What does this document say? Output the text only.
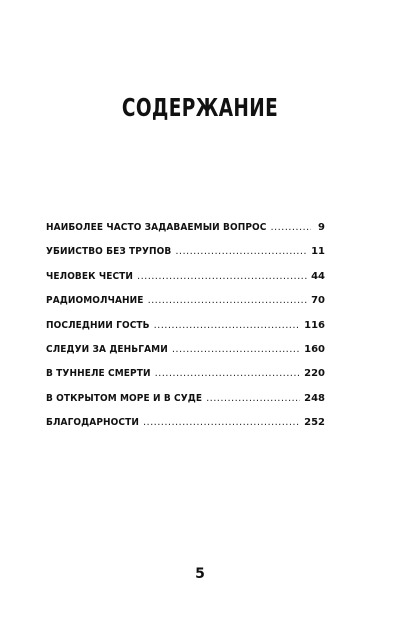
СОДЕРЖАНИЕ
НАИБОЛЕЕ ЧАСТО ЗАДАВАЕМЫЙ ВОПРОС . . .	9
УБИЙСТВО БЕЗ ТРУПОВ . . .	11
ЧЕЛОВЕК ЧЕСТИ . . .	44
РАДИОМОЛЧАНИЕ . . .	70
ПОСЛЕДНИЙ ГОСТЬ . . .	116
СЛЕДУЙ ЗА ДЕНЬГАМИ . . .	160
В ТУННЕЛЕ СМЕРТИ . . .	220
В ОТКРЫТОМ МОРЕ И В СУДЕ . . .	248
БЛАГОДАРНОСТИ . . .	252
5
